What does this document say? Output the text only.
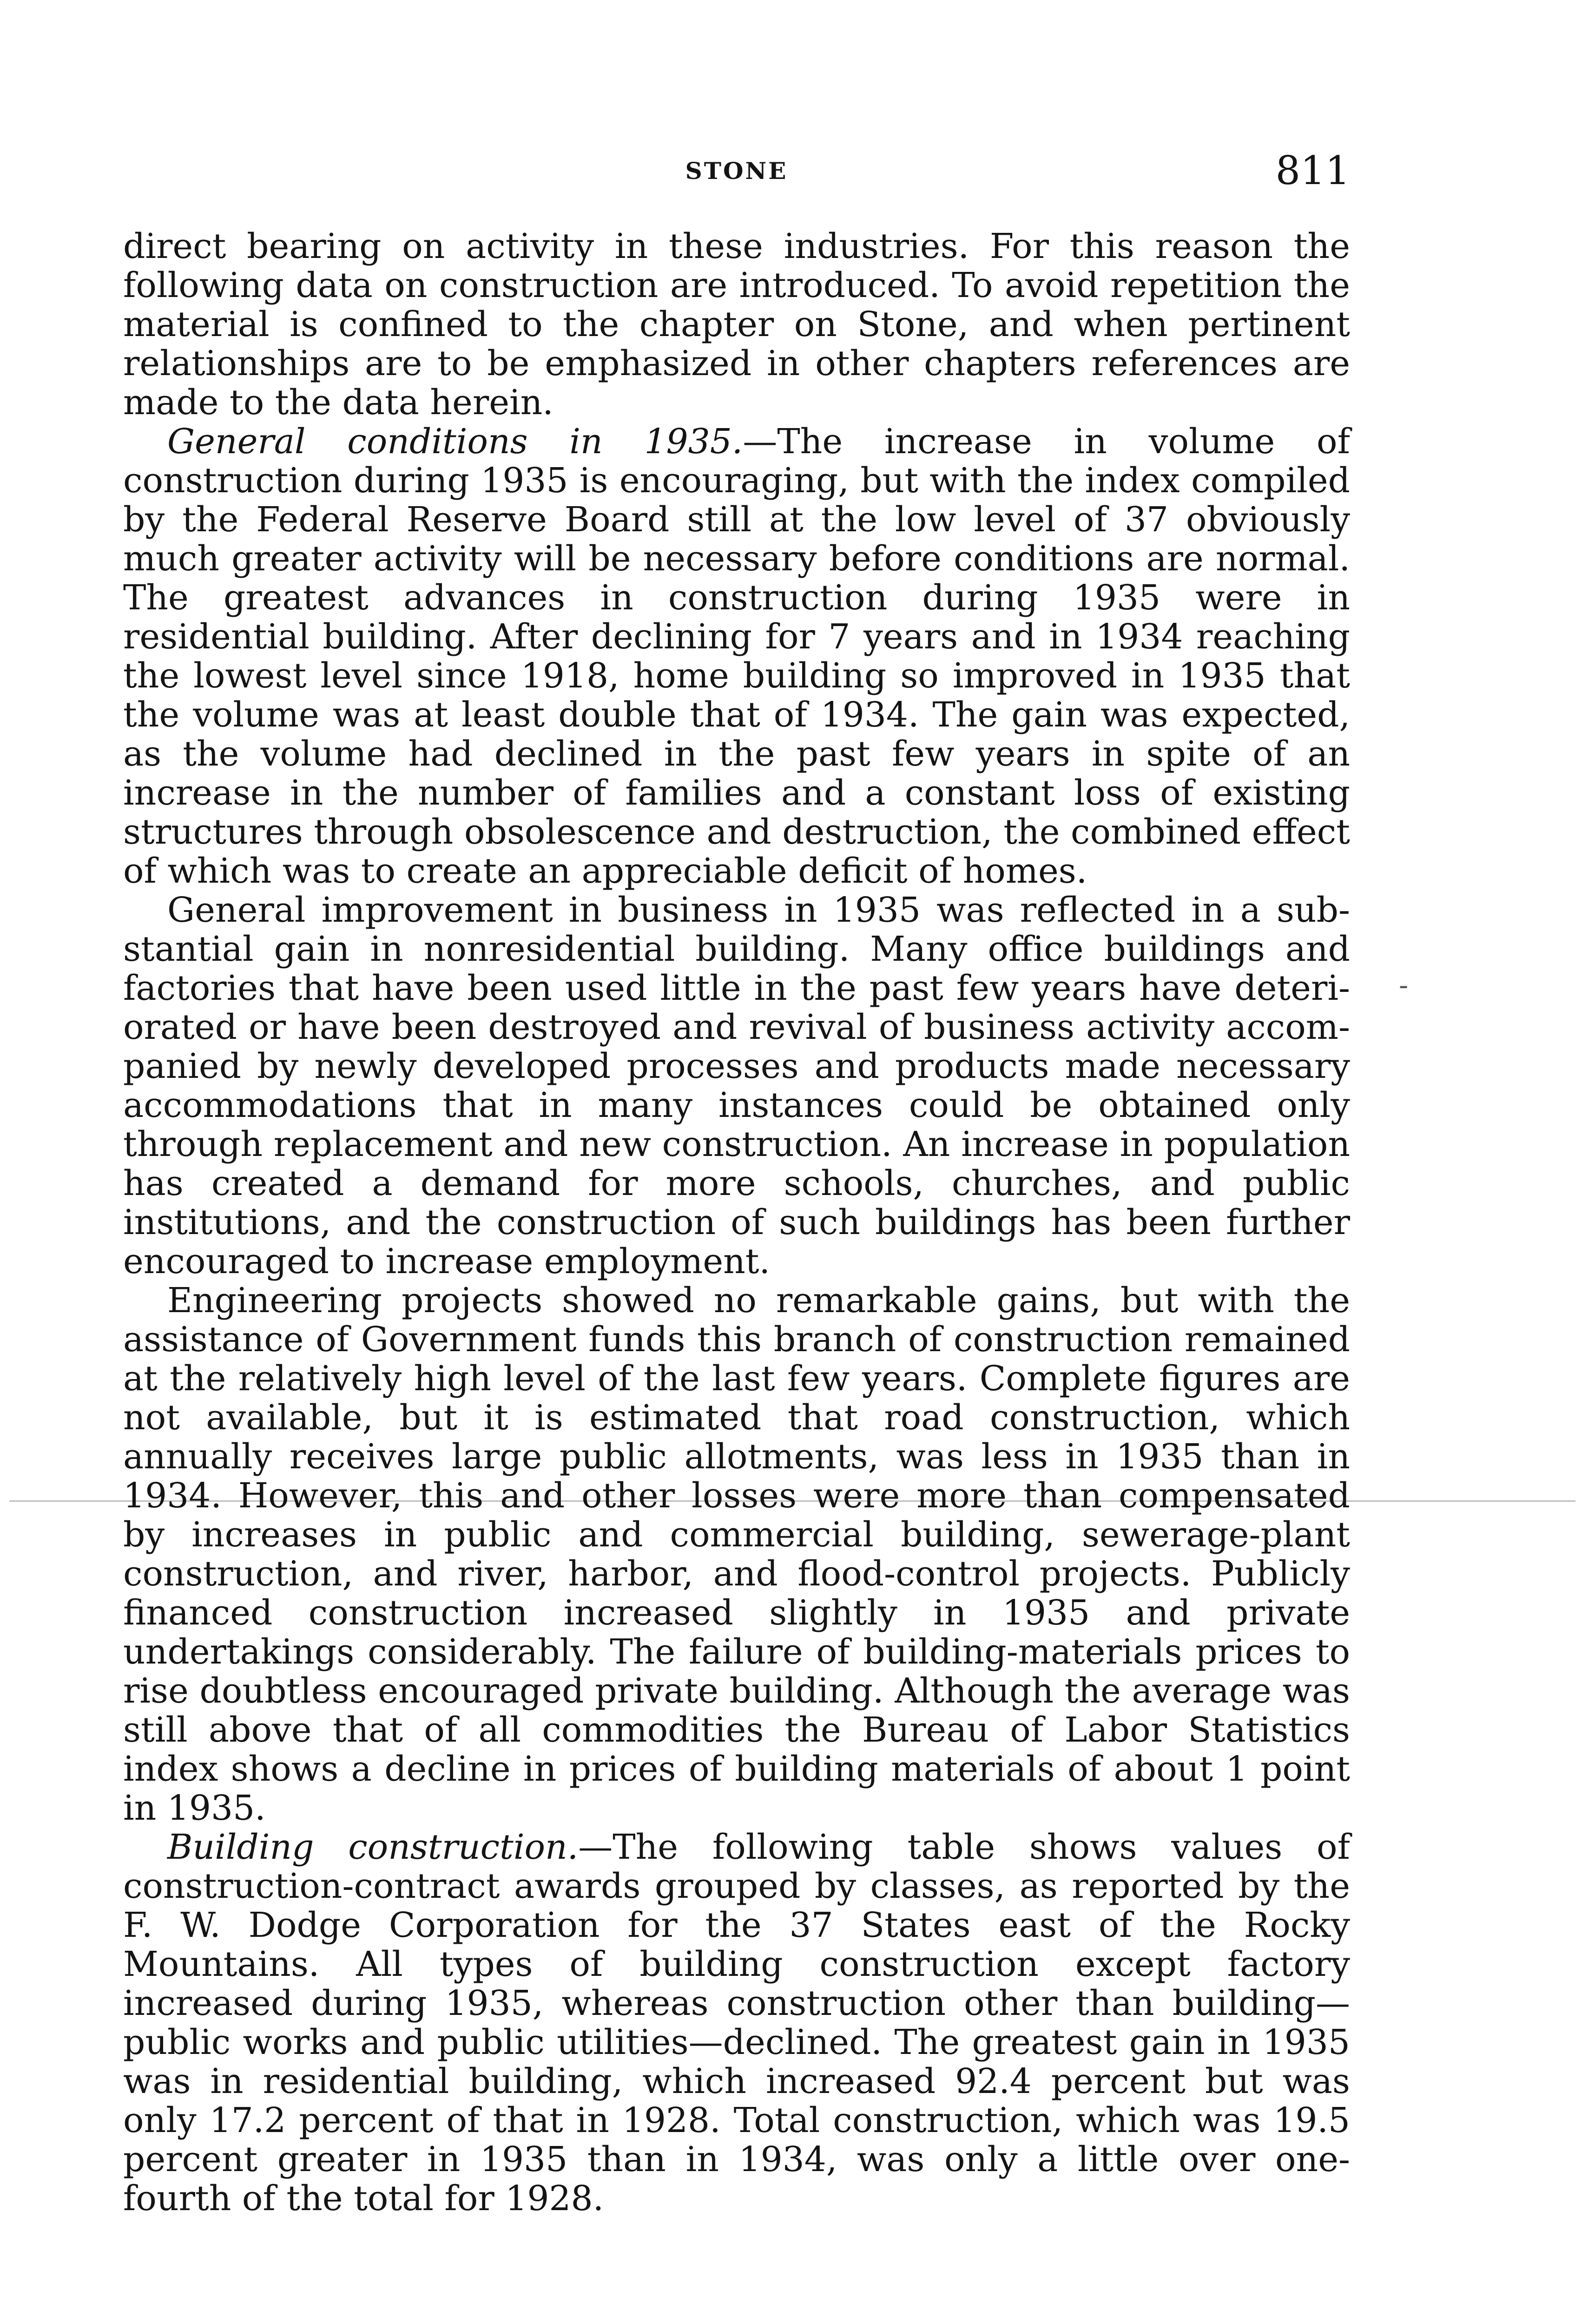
STONE	811
-

direct bearing on activity in these industries. For this reason the following data on construction are introduced. To avoid repetition the material is confined to the chapter on Stone, and when pertinent relationships are to be emphasized in other chapters references are made to the data herein.

General conditions in 1935.—The increase in volume of construction during 1935 is encouraging, but with the index compiled by the Federal Reserve Board still at the low level of 37 obviously much greater activity will be necessary before conditions are normal. The greatest advances in construction during 1935 were in residential building. After declining for 7 years and in 1934 reaching the lowest level since 1918, home building so improved in 1935 that the volume was at least double that of 1934. The gain was expected, as the volume had declined in the past few years in spite of an increase in the number of families and a constant loss of existing structures through obsolescence and destruction, the combined effect of which was to create an appreciable deficit of homes.

General improvement in business in 1935 was reflected in a substantial gain in nonresidential building. Many office buildings and factories that have been used little in the past few years have deteriorated or have been destroyed and revival of business activity accompanied by newly developed processes and products made necessary accommodations that in many instances could be obtained only through replacement and new construction. An increase in population has created a demand for more schools, churches, and public institutions, and the construction of such buildings has been further encouraged to increase employment.

Engineering projects showed no remarkable gains, but with the assistance of Government funds this branch of construction remained at the relatively high level of the last few years. Complete figures are not available, but it is estimated that road construction, which annually receives large public allotments, was less in 1935 than in 1934. However, this and other losses were more than compensated by increases in public and commercial building, sewerage-plant construction, and river, harbor, and flood-control projects. Publicly financed construction increased slightly in 1935 and private undertakings considerably. The failure of building-materials prices to rise doubtless encouraged private building. Although the average was still above that of all commodities the Bureau of Labor Statistics index shows a decline in prices of building materials of about 1 point in 1935.

Building construction.—The following table shows values of construction-contract awards grouped by classes, as reported by the F. W. Dodge Corporation for the 37 States east of the Rocky Mountains. All types of building construction except factory increased during 1935, whereas construction other than building—public works and public utilities—declined. The greatest gain in 1935 was in residential building, which increased 92.4 percent but was only 17.2 percent of that in 1928. Total construction, which was 19.5 percent greater in 1935 than in 1934, was only a little over one-fourth of the total for 1928.
